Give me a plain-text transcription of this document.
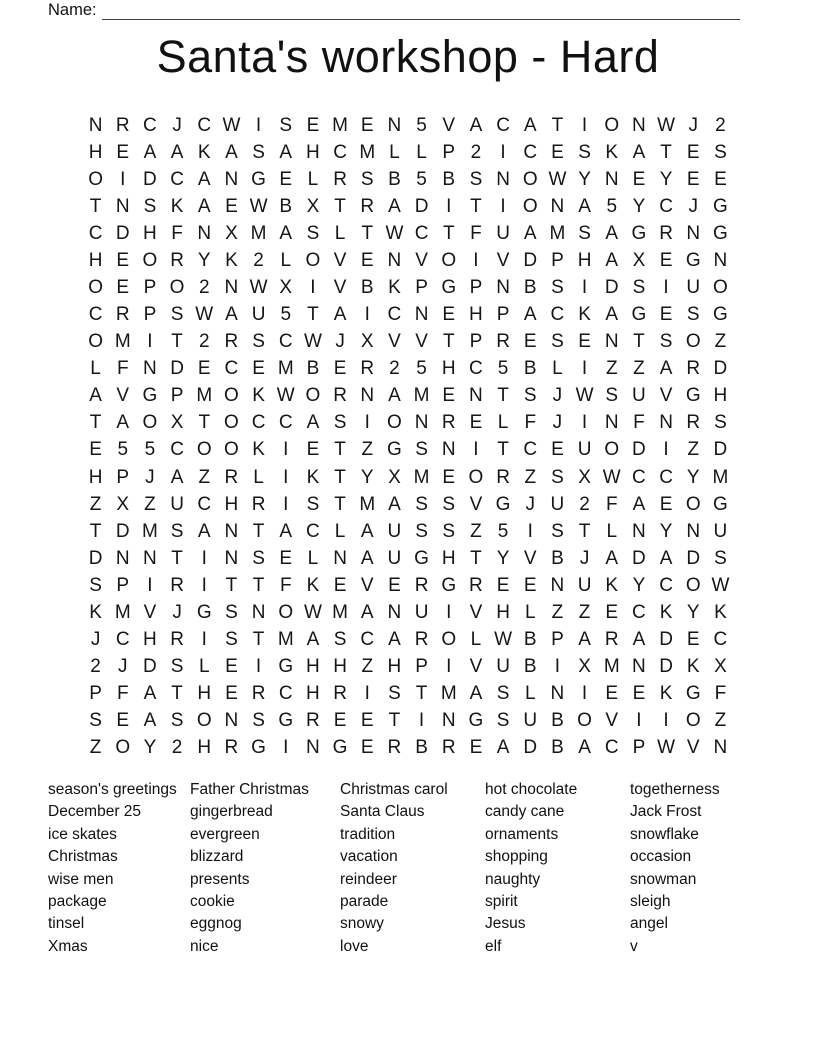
Name:
Santa's workshop - Hard
N R C J C W I S E M E N 5 V A C A T I O N W J 2
H E A A K A S A H C M L L P 2	I C E S K A T E S
O I D C A N G E L R S B 5 B S N O W Y N E Y E E
T N S K A E W B X T R A D I T I O N A 5 Y C J G
C D H F N X M A S L T W C T F U A M S A G R N G
H E O R Y K 2 L O V E N V O I V D P H A X E G N
O E P O 2 N W X I V B K P G P N B S I D S I U O
C R P S W A U 5 T A I C N E H P A C K A G E S G
O M I T 2 R S C W J X V V T P R E S E N T S O Z
L F N D E C E M B E R 2 5 H C 5 B L	I Z Z A R D
A V G P M O K W O R N A M E N T S J W S U V G H
T A O X T O C C A S I O N R E L F J	I N F N R S
E 5 5 C O O K I E T Z G S N I T C E U O D I Z D
H P J A Z R L	I K T Y X M E O R Z S X W C C Y M
Z X Z U C H R I S T M A S S V G J U 2 F A E O G
T D M S A N T A C L A U S S Z 5	I S T L N Y N U
D N N T I N S E L N A U G H T Y V B J A D A D S
S P I R I T T F K E V E R G R E E N U K Y C O W
K M V J G S N O W M A N U I V H L Z Z E C K Y K
J C H R I S T M A S C A R O L W B P A R A D E C
2 J D S L E I G H H Z H P I V U B I X M N D K X
P F A T H E R C H R I S T M A S L N I E E K G F
S E A S O N S G R E E T I N G S U B O V I	I O Z
Z O Y 2 H R G I N G E R B R E A D B A C P W V N
season's greetings
December 25
ice skates
Christmas
wise men
package
tinsel
Xmas
Father Christmas
gingerbread
evergreen
blizzard
presents
cookie
eggnog
nice
Christmas carol
Santa Claus
tradition
vacation
reindeer
parade
snowy
love
hot chocolate
candy cane
ornaments
shopping
naughty
spirit
Jesus
elf
togetherness
Jack Frost
snowflake
occasion
snowman
sleigh
angel
v
